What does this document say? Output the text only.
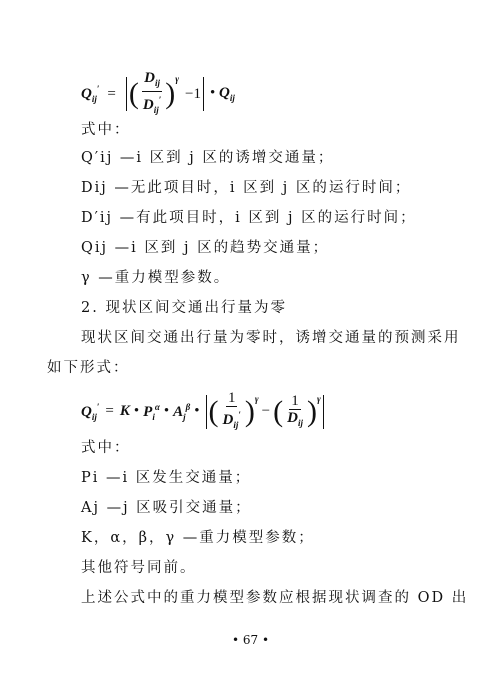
$Q_{ij}'$ = ( $\frac{D_{ij}}{D_{ij}'} )^\gamma$
−1 • $Q_{ij}$
式中：
Q′ij —i 区到 j 区的诱增交通量；
Dij —无此项目时，i 区到 j 区的运行时间；
D′ij —有此项目时，i 区到 j 区的运行时间；
Qij —i 区到 j 区的趋势交通量；
γ —重力模型参数。
2. 现状区间交通出行量为零
现状区间交通出行量为零时，诱增交通量的预测采用
如下形式：
$Q_{ij}' = K$ • $P_i^\alpha$ • $A_j^\beta$ • ( $\frac{1}{D_{ij}'} )^\gamma$
− ( $\frac{1}{D_{ij}} )^\gamma$
式中：
Pi —i 区发生交通量；
Aj —j 区吸引交通量；
K，α，β，γ —重力模型参数；
其他符号同前。
上述公式中的重力模型参数应根据现状调查的 OD 出
• 67 •
